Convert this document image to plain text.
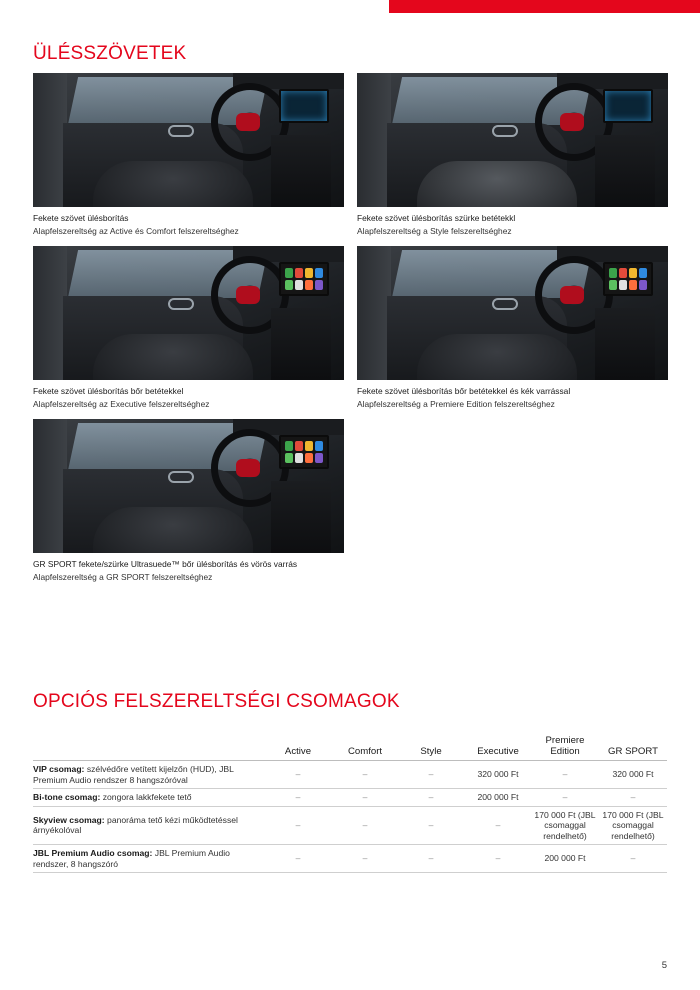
ÜLÉSSZÖVETEK
Fekete szövet ülésborítás
Alapfelszereltség az Active és Comfort felszereltséghez
Fekete szövet ülésborítás szürke betétekkl
Alapfelszereltség a Style felszereltséghez
Fekete szövet ülésborítás bőr betétekkel
Alapfelszereltség az Executive felszereltséghez
Fekete szövet ülésborítás bőr betétekkel és kék varrással
Alapfelszereltség a Premiere Edition felszereltséghez
GR SPORT fekete/szürke Ultrasuede™ bőr ülésborítás és vörös varrás
Alapfelszereltség a GR SPORT felszereltséghez
OPCIÓS FELSZERELTSÉGI CSOMAGOK
	Active	Comfort	Style	Executive	Premiere Edition	GR SPORT
VIP csomag: szélvédőre vetített kijelzőn (HUD), JBL Premium Audio rendszer 8 hangszóróval	–	–	–	320 000 Ft	–	320 000 Ft
Bi-tone csomag: zongora lakkfekete tető	–	–	–	200 000 Ft	–	–
Skyview csomag: panoráma tető kézi működtetéssel árnyékolóval	–	–	–	–	170 000 Ft (JBL csomaggal rendelhető)	170 000 Ft (JBL csomaggal rendelhető)
JBL Premium Audio csomag: JBL Premium Audio rendszer, 8 hangszóró	–	–	–	–	200 000 Ft	–
5
